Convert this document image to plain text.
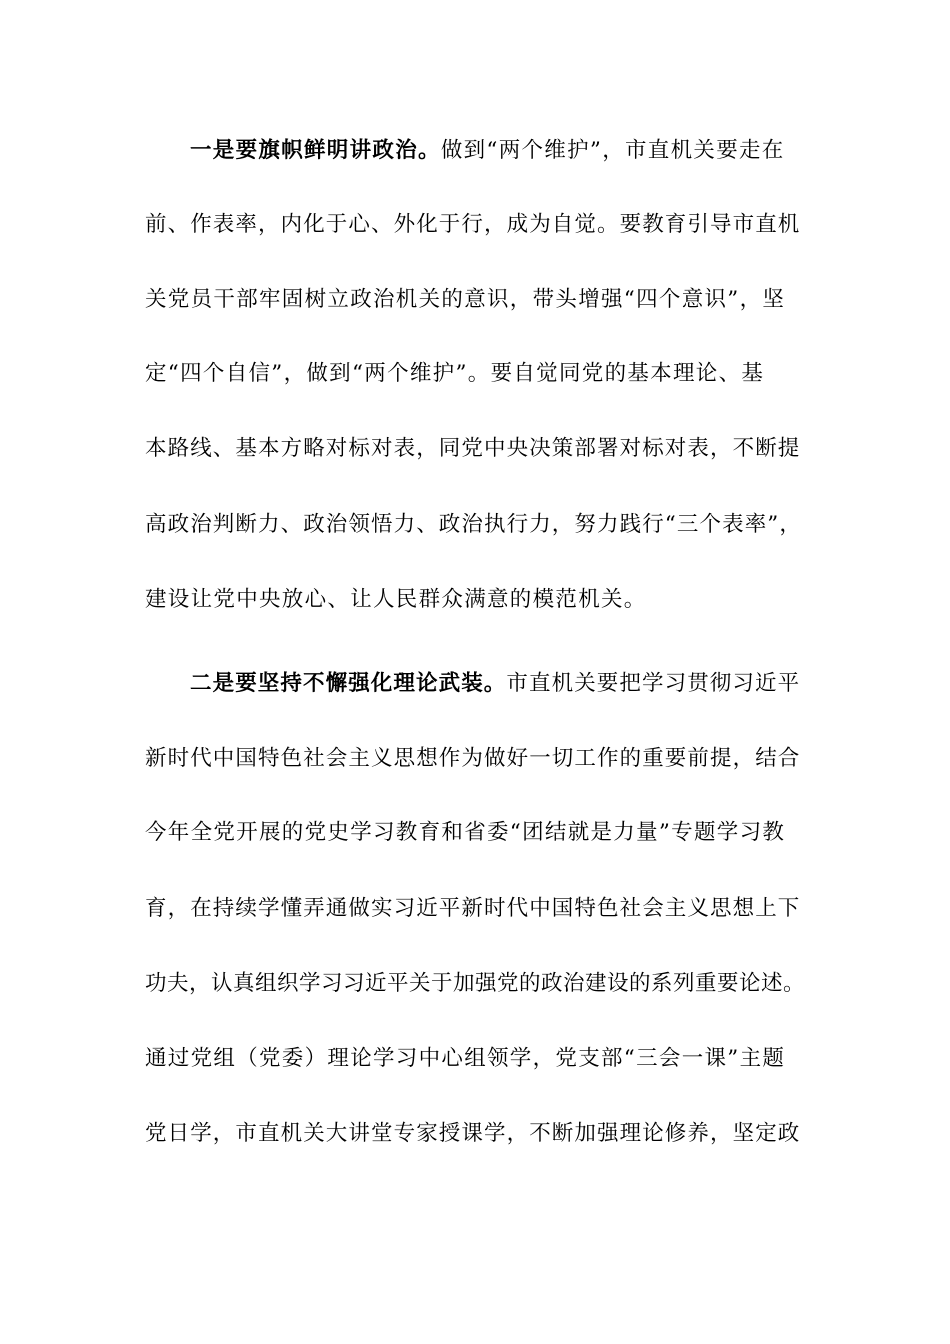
一是要旗帜鲜明讲政治。做到“两个维护”，市直机关要走在
前、作表率，内化于心、外化于行，成为自觉。要教育引导市直机
关党员干部牢固树立政治机关的意识，带头增强“四个意识”，坚
定“四个自信”，做到“两个维护”。要自觉同党的基本理论、基
本路线、基本方略对标对表，同党中央决策部署对标对表，不断提
高政治判断力、政治领悟力、政治执行力，努力践行“三个表率”，
建设让党中央放心、让人民群众满意的模范机关。
二是要坚持不懈强化理论武装。市直机关要把学习贯彻习近平
新时代中国特色社会主义思想作为做好一切工作的重要前提，结合
今年全党开展的党史学习教育和省委“团结就是力量”专题学习教
育，在持续学懂弄通做实习近平新时代中国特色社会主义思想上下
功夫，认真组织学习习近平关于加强党的政治建设的系列重要论述。
通过党组（党委）理论学习中心组领学，党支部“三会一课”主题
党日学，市直机关大讲堂专家授课学，不断加强理论修养，坚定政
